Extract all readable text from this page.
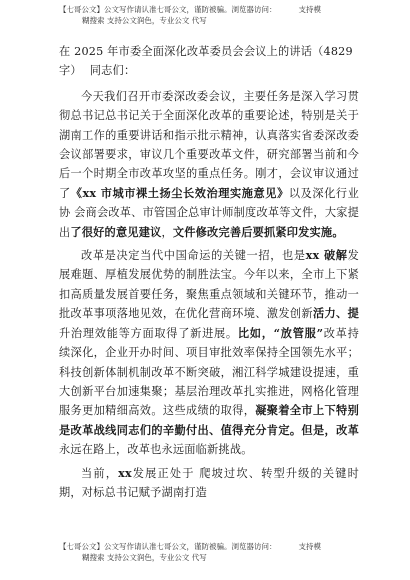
【七哥公文】公文写作请认准七哥公文，谨防被骗。浏览器访问：	支持模
糊搜索 支持公文润色，专业公文 代写

在 2025 年市委全面深化改革委员会会议上的讲话（4829
字） 同志们：

今天我们召开市委深改委会议，主要任务是深入学习贯彻总书记总书记关于全面深化改革的重要论述，特别是关于湖南工作的重要讲话和指示批示精神，认真落实省委深改委会议部署要求，审议几个重要改革文件，研究部署当前和今后一个时期全市改革攻坚的重点任务。刚才，会议审议通过了《xx 市城市裸土扬尘长效治理实施意见》以及深化行业协 会商会改革、市管国企总审计师制度改革等文件，大家提出了很好的意见建议，文件修改完善后要抓紧印发实施。

改革是决定当代中国命运的关键一招，也是xx 破解发 展难题、厚植发展优势的制胜法宝。今年以来，全市上下紧 扣高质量发展首要任务，聚焦重点领域和关键环节，推动一 批改革事项落地见效，在优化营商环境、激发创新活力、提升治理效能等方面取得了新进展。比如，“放管服”改革持 续深化，企业开办时间、项目审批效率保持全国领先水平；科技创新体制机制改革不断突破，湘江科学城建设提速，重 大创新平台加速集聚；基层治理改革扎实推进，网格化管理 服务更加精细高效。这些成绩的取得，凝聚着全市上下特别是改革战线同志们的辛勤付出、值得充分肯定。但是，改革永远在路上，改革也永远面临新挑战。

当前，xx发展正处于 爬坡过坎、转型升级的关键时期，对标总书记赋予湖南打造

【七哥公文】公文写作请认准七哥公文，谨防被骗。浏览器访问：	支持模
糊搜索 支持公文润色，专业公文 代写
